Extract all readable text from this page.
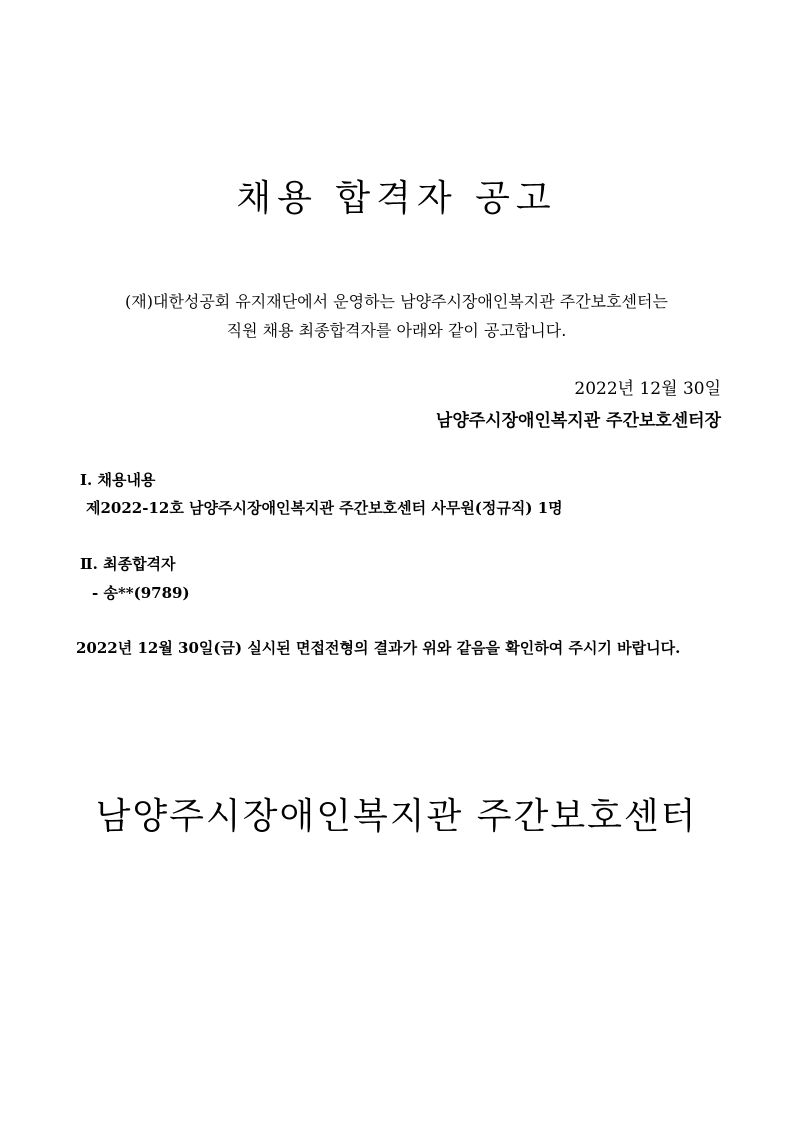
채용 합격자 공고
(재)대한성공회 유지재단에서 운영하는 남양주시장애인복지관 주간보호센터는
직원 채용 최종합격자를 아래와 같이 공고합니다.
2022년 12월 30일
남양주시장애인복지관 주간보호센터장
Ⅰ. 채용내용
제2022-12호 남양주시장애인복지관 주간보호센터 사무원(정규직) 1명
Ⅱ. 최종합격자
- 송**(9789)
2022년 12월 30일(금) 실시된 면접전형의 결과가 위와 같음을 확인하여 주시기 바랍니다.
남양주시장애인복지관 주간보호센터
